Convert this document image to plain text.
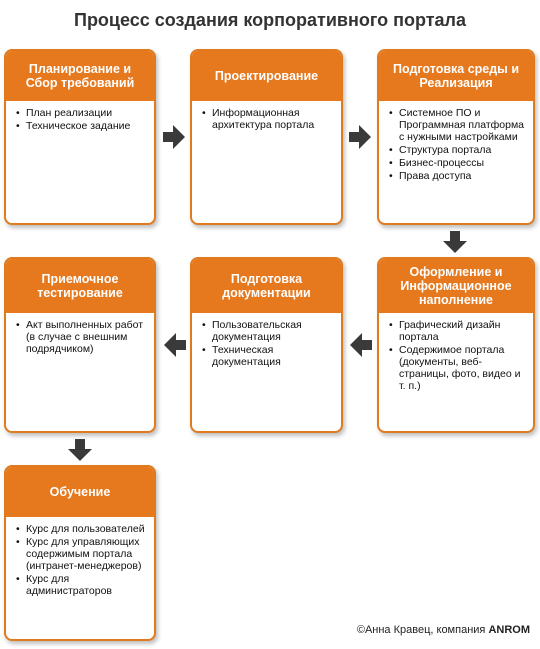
Процесс создания корпоративного портала
Планирование и Сбор требований
• План реализации
• Техническое задание
Проектирование
• Информационная архитектура портала
Подготовка среды и Реализация
• Системное ПО и Программная платформа с нужными настройками
• Структура портала
• Бизнес-процессы
• Права доступа
Оформление и Информационное наполнение
• Графический дизайн портала
• Содержимое портала (документы, веб-страницы, фото, видео и т. п.)
Подготовка документации
• Пользовательская документация
• Техническая документация
Приемочное тестирование
• Акт выполненных работ (в случае с внешним подрядчиком)
Обучение
• Курс для пользователей
• Курс для управляющих содержимым портала (интранет-менеджеров)
• Курс для администраторов
©Анна Кравец, компания ANROM
